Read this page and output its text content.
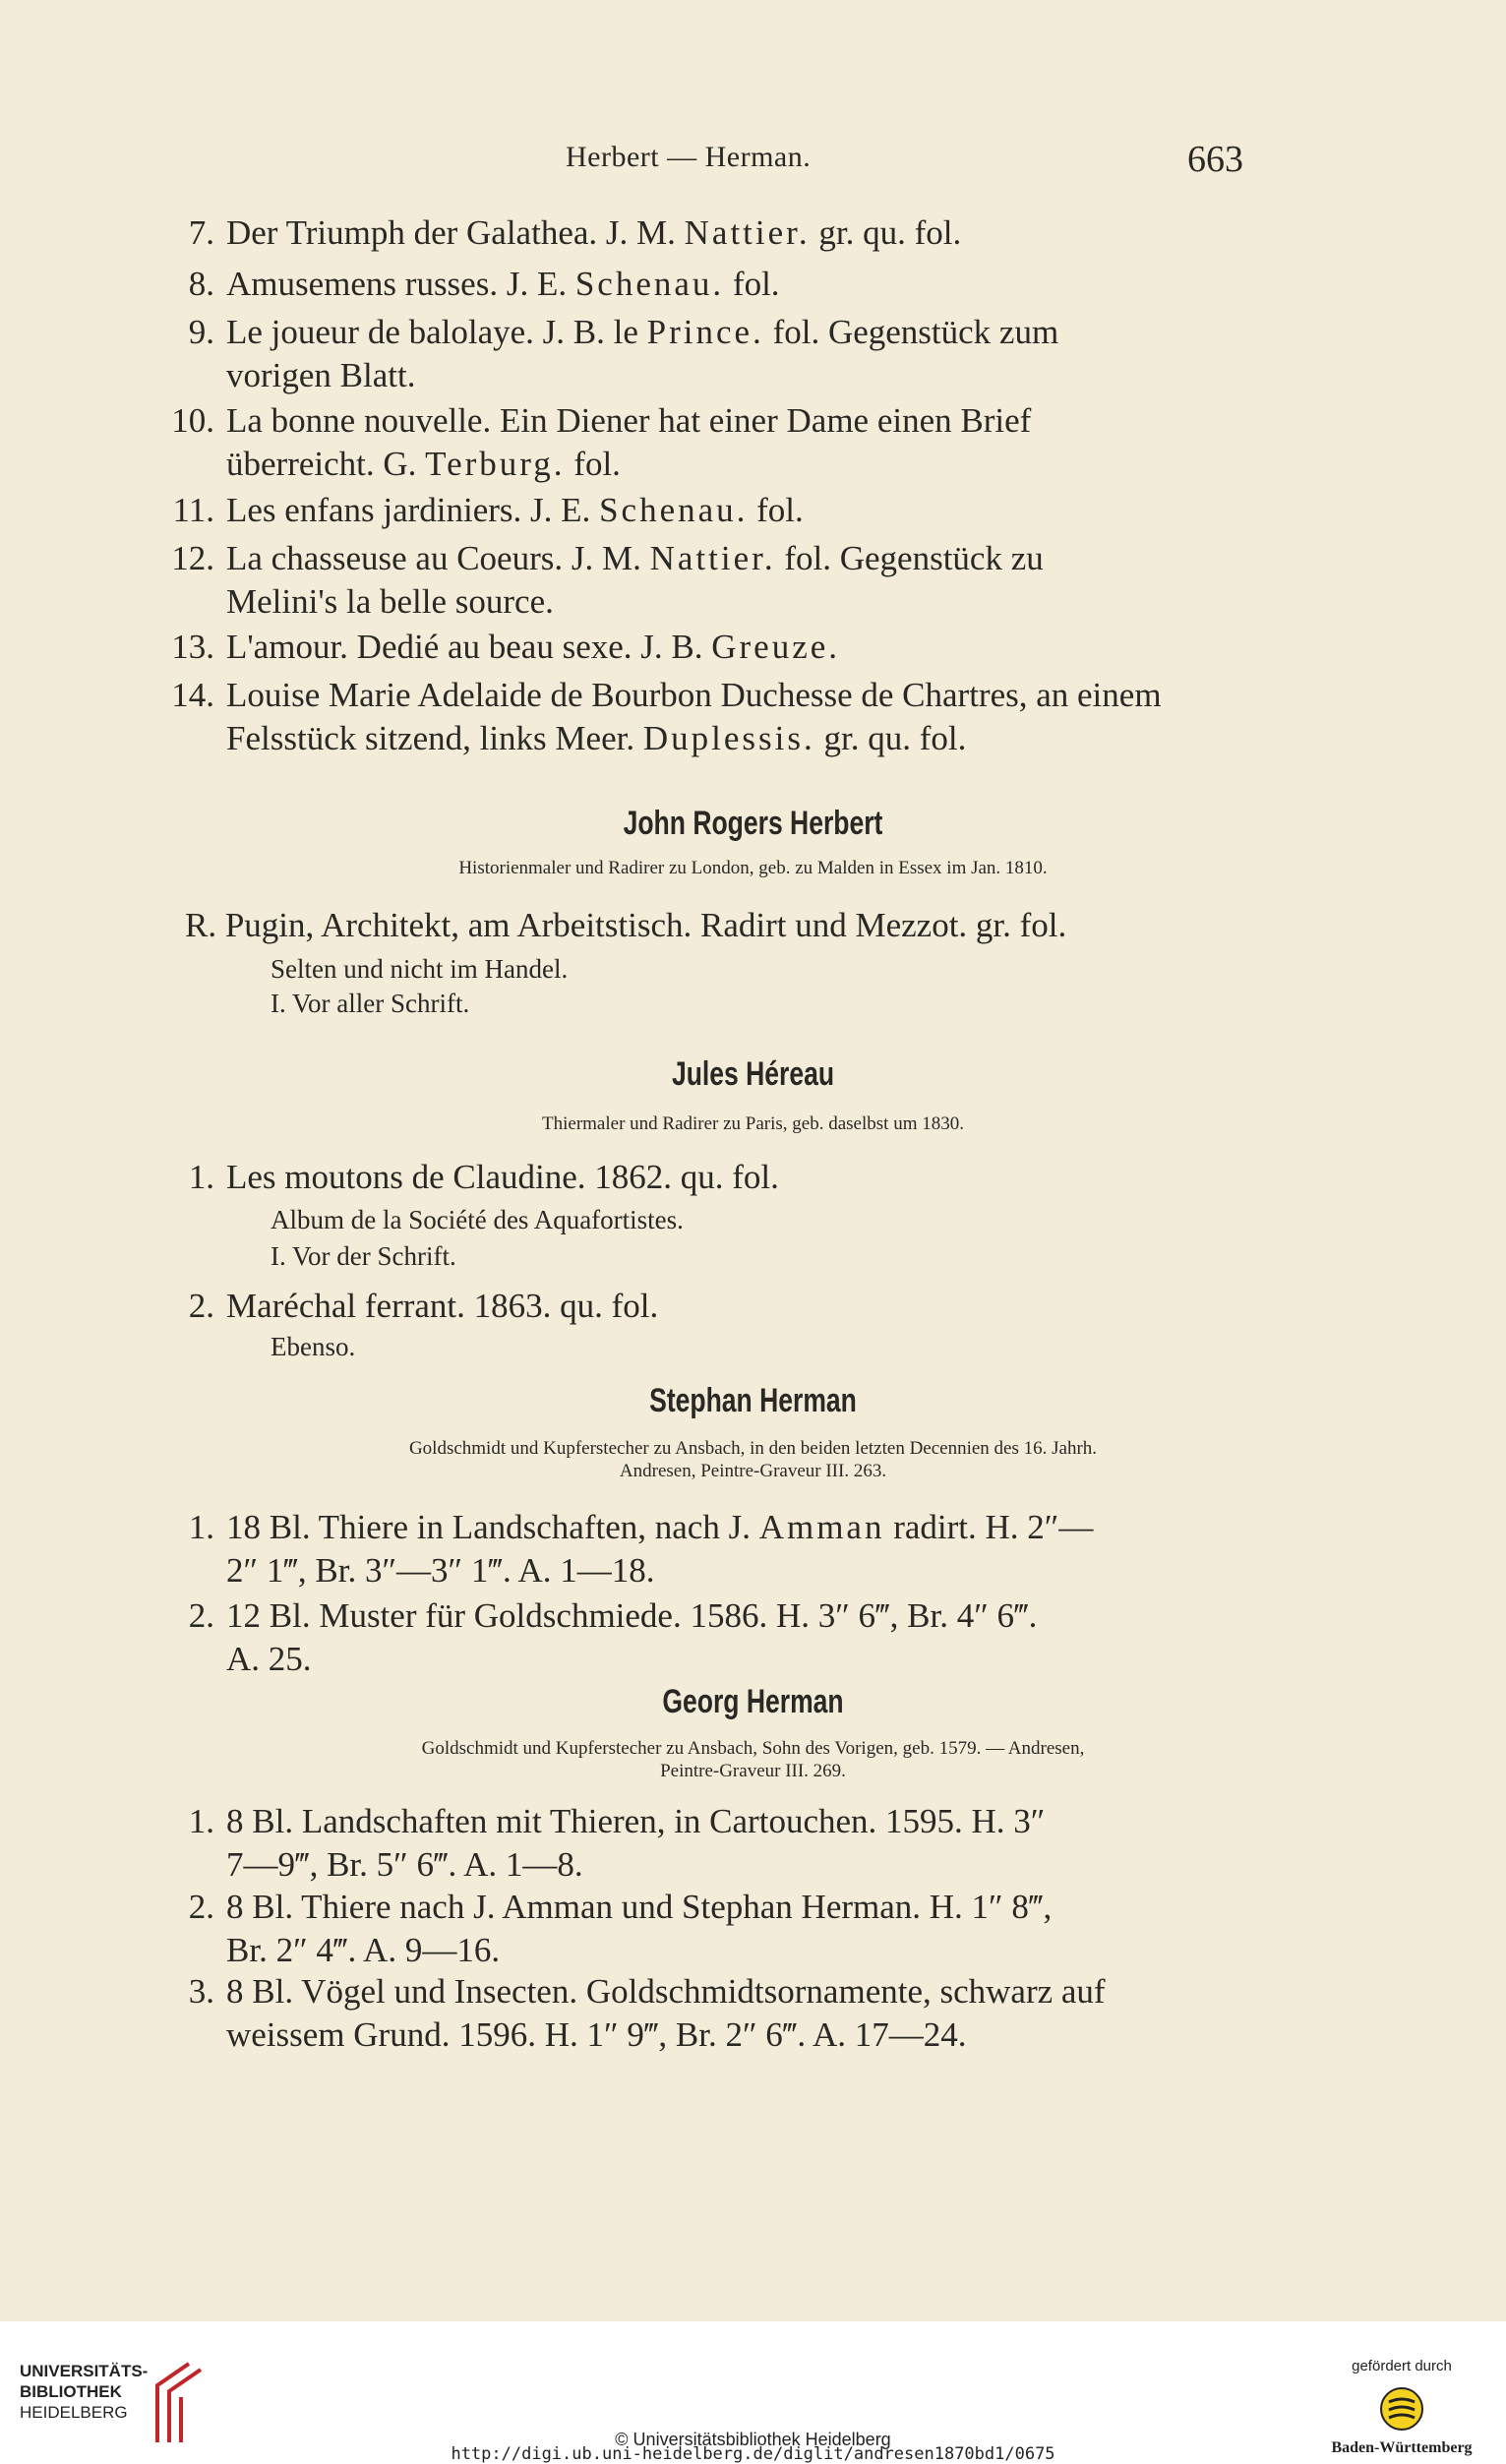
Herbert — Herman.	663
7. Der Triumph der Galathea. J. M. Nattier. gr. qu. fol.
8. Amusemens russes. J. E. Schenau. fol.
9. Le joueur de balolaye. J. B. le Prince. fol. Gegenstück zum
vorigen Blatt.
10. La bonne nouvelle. Ein Diener hat einer Dame einen Brief
überreicht. G. Terburg. fol.
11. Les enfans jardiniers. J. E. Schenau. fol.
12. La chasseuse au Coeurs. J. M. Nattier. fol. Gegenstück zu
Melini's la belle source.
13. L'amour. Dedié au beau sexe. J. B. Greuze.
14. Louise Marie Adelaide de Bourbon Duchesse de Chartres, an einem
Felsstück sitzend, links Meer. Duplessis. gr. qu. fol.
John Rogers Herbert
Historienmaler und Radirer zu London, geb. zu Malden in Essex im Jan. 1810.
R. Pugin, Architekt, am Arbeitstisch. Radirt und Mezzot. gr. fol.
Selten und nicht im Handel.
I. Vor aller Schrift.
Jules Héreau
Thiermaler und Radirer zu Paris, geb. daselbst um 1830.
1. Les moutons de Claudine. 1862. qu. fol.
Album de la Société des Aquafortistes.
I. Vor der Schrift.
2. Maréchal ferrant. 1863. qu. fol.
Ebenso.
Stephan Herman
Goldschmidt und Kupferstecher zu Ansbach, in den beiden letzten Decennien des 16. Jahrh.
Andresen, Peintre-Graveur III. 263.
1. 18 Bl. Thiere in Landschaften, nach J. Amman radirt. H. 2″—
2″ 1‴, Br. 3″—3″ 1‴. A. 1—18.
2. 12 Bl. Muster für Goldschmiede. 1586. H. 3″ 6‴, Br. 4″ 6‴.
A. 25.
Georg Herman
Goldschmidt und Kupferstecher zu Ansbach, Sohn des Vorigen, geb. 1579. — Andresen,
Peintre-Graveur III. 269.
1. 8 Bl. Landschaften mit Thieren, in Cartouchen. 1595. H. 3″
7—9‴, Br. 5″ 6‴. A. 1—8.
2. 8 Bl. Thiere nach J. Amman und Stephan Herman. H. 1″ 8‴,
Br. 2″ 4‴. A. 9—16.
3. 8 Bl. Vögel und Insecten. Goldschmidtsornamente, schwarz auf
weissem Grund. 1596. H. 1″ 9‴, Br. 2″ 6‴. A. 17—24.
UNIVERSITÄTS-
BIBLIOTHEK
HEIDELBERG
© Universitätsbibliothek Heidelberg
http://digi.ub.uni-heidelberg.de/diglit/andresen1870bd1/0675
gefördert durch
Baden-Württemberg
